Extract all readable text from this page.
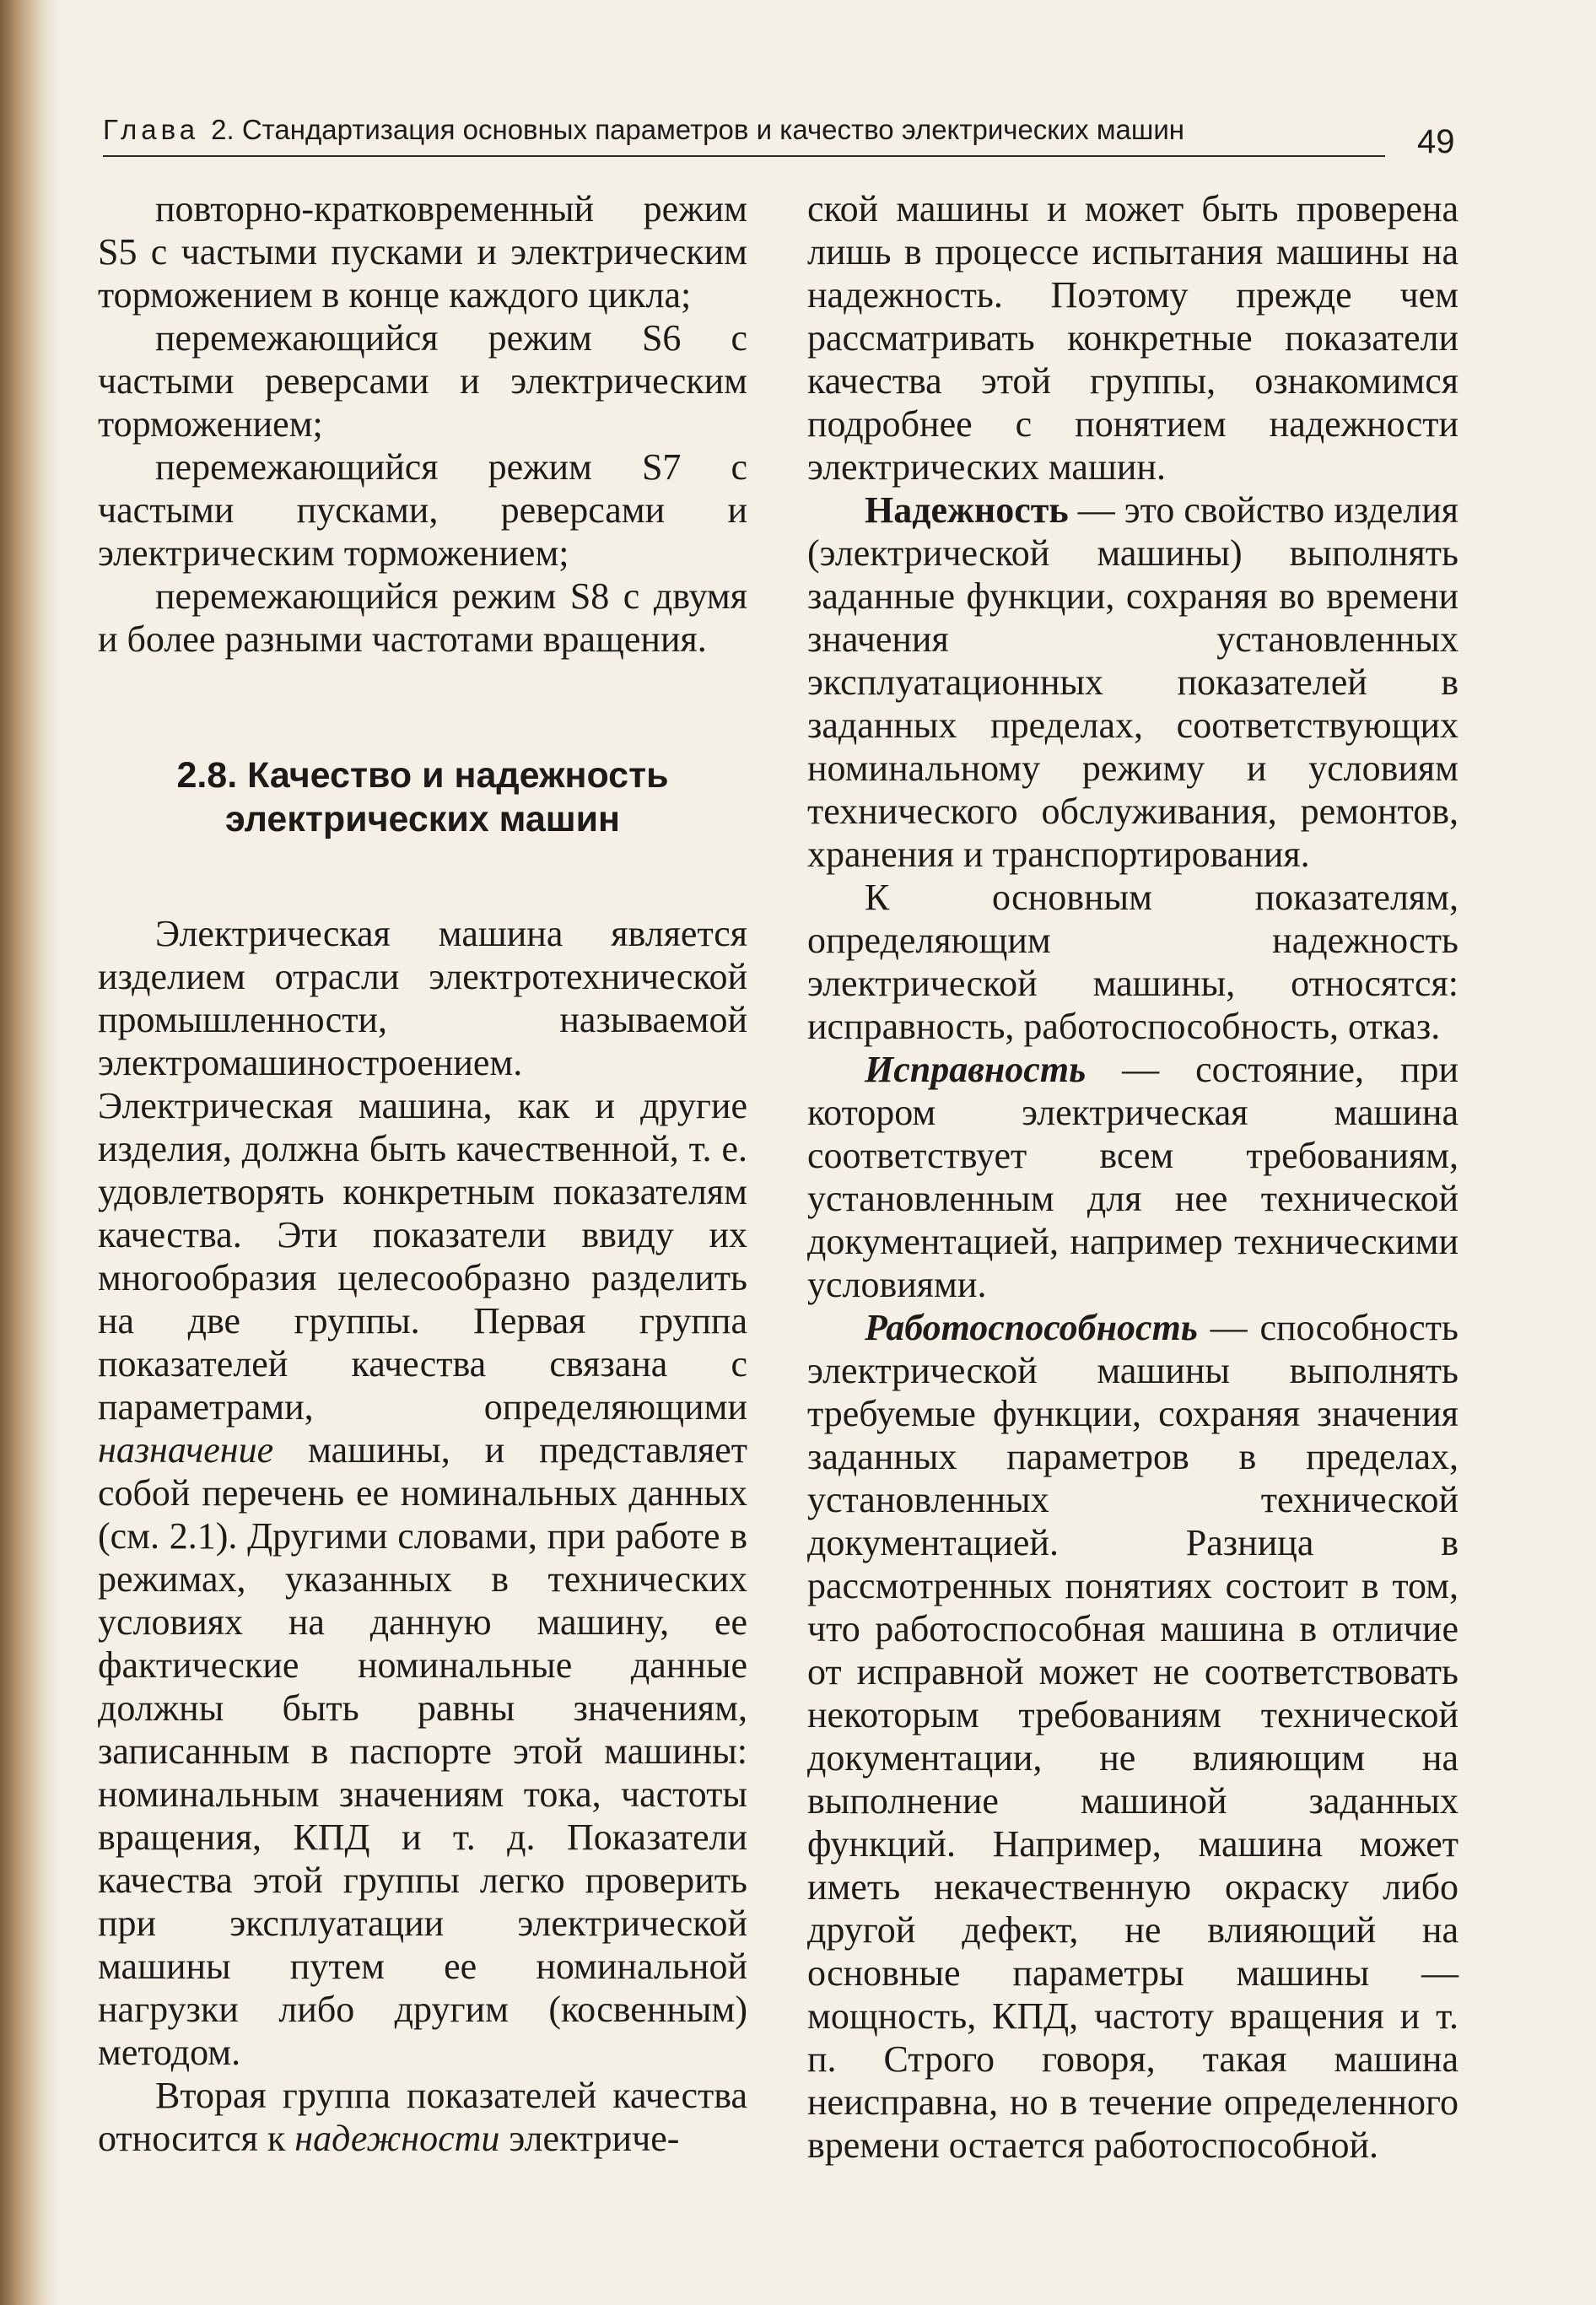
Глава 2. Стандартизация основных параметров и качество электрических машин	49

повторно-кратковременный режим S5 с частыми пусками и электрическим торможением в конце каждого цикла;

перемежающийся режим S6 с частыми реверсами и электрическим торможением;

перемежающийся режим S7 с частыми пусками, реверсами и электрическим торможением;

перемежающийся режим S8 с двумя и более разными частотами вращения.

2.8. Качество и надежность электрических машин

Электрическая машина является изделием отрасли электротехнической промышленности, называемой электромашиностроением. Электрическая машина, как и другие изделия, должна быть качественной, т. е. удовлетворять конкретным показателям качества. Эти показатели ввиду их многообразия целесообразно разделить на две группы. Первая группа показателей качества связана с параметрами, определяющими назначение машины, и представляет собой перечень ее номинальных данных (см. 2.1). Другими словами, при работе в режимах, указанных в технических условиях на данную машину, ее фактические номинальные данные должны быть равны значениям, записанным в паспорте этой машины: номинальным значениям тока, частоты вращения, КПД и т. д. Показатели качества этой группы легко проверить при эксплуатации электрической машины путем ее номинальной нагрузки либо другим (косвенным) методом.

Вторая группа показателей качества относится к надежности электриче-

ской машины и может быть проверена лишь в процессе испытания машины на надежность. Поэтому прежде чем рассматривать конкретные показатели качества этой группы, ознакомимся подробнее с понятием надежности электрических машин.

Надежность — это свойство изделия (электрической машины) выполнять заданные функции, сохраняя во времени значения установленных эксплуатационных показателей в заданных пределах, соответствующих номинальному режиму и условиям технического обслуживания, ремонтов, хранения и транспортирования.

К основным показателям, определяющим надежность электрической машины, относятся: исправность, работоспособность, отказ.

Исправность — состояние, при котором электрическая машина соответствует всем требованиям, установленным для нее технической документацией, например техническими условиями.

Работоспособность — способность электрической машины выполнять требуемые функции, сохраняя значения заданных параметров в пределах, установленных технической документацией. Разница в рассмотренных понятиях состоит в том, что работоспособная машина в отличие от исправной может не соответствовать некоторым требованиям технической документации, не влияющим на выполнение машиной заданных функций. Например, машина может иметь некачественную окраску либо другой дефект, не влияющий на основные параметры машины — мощность, КПД, частоту вращения и т. п. Строго говоря, такая машина неисправна, но в течение определенного времени остается работоспособной.
